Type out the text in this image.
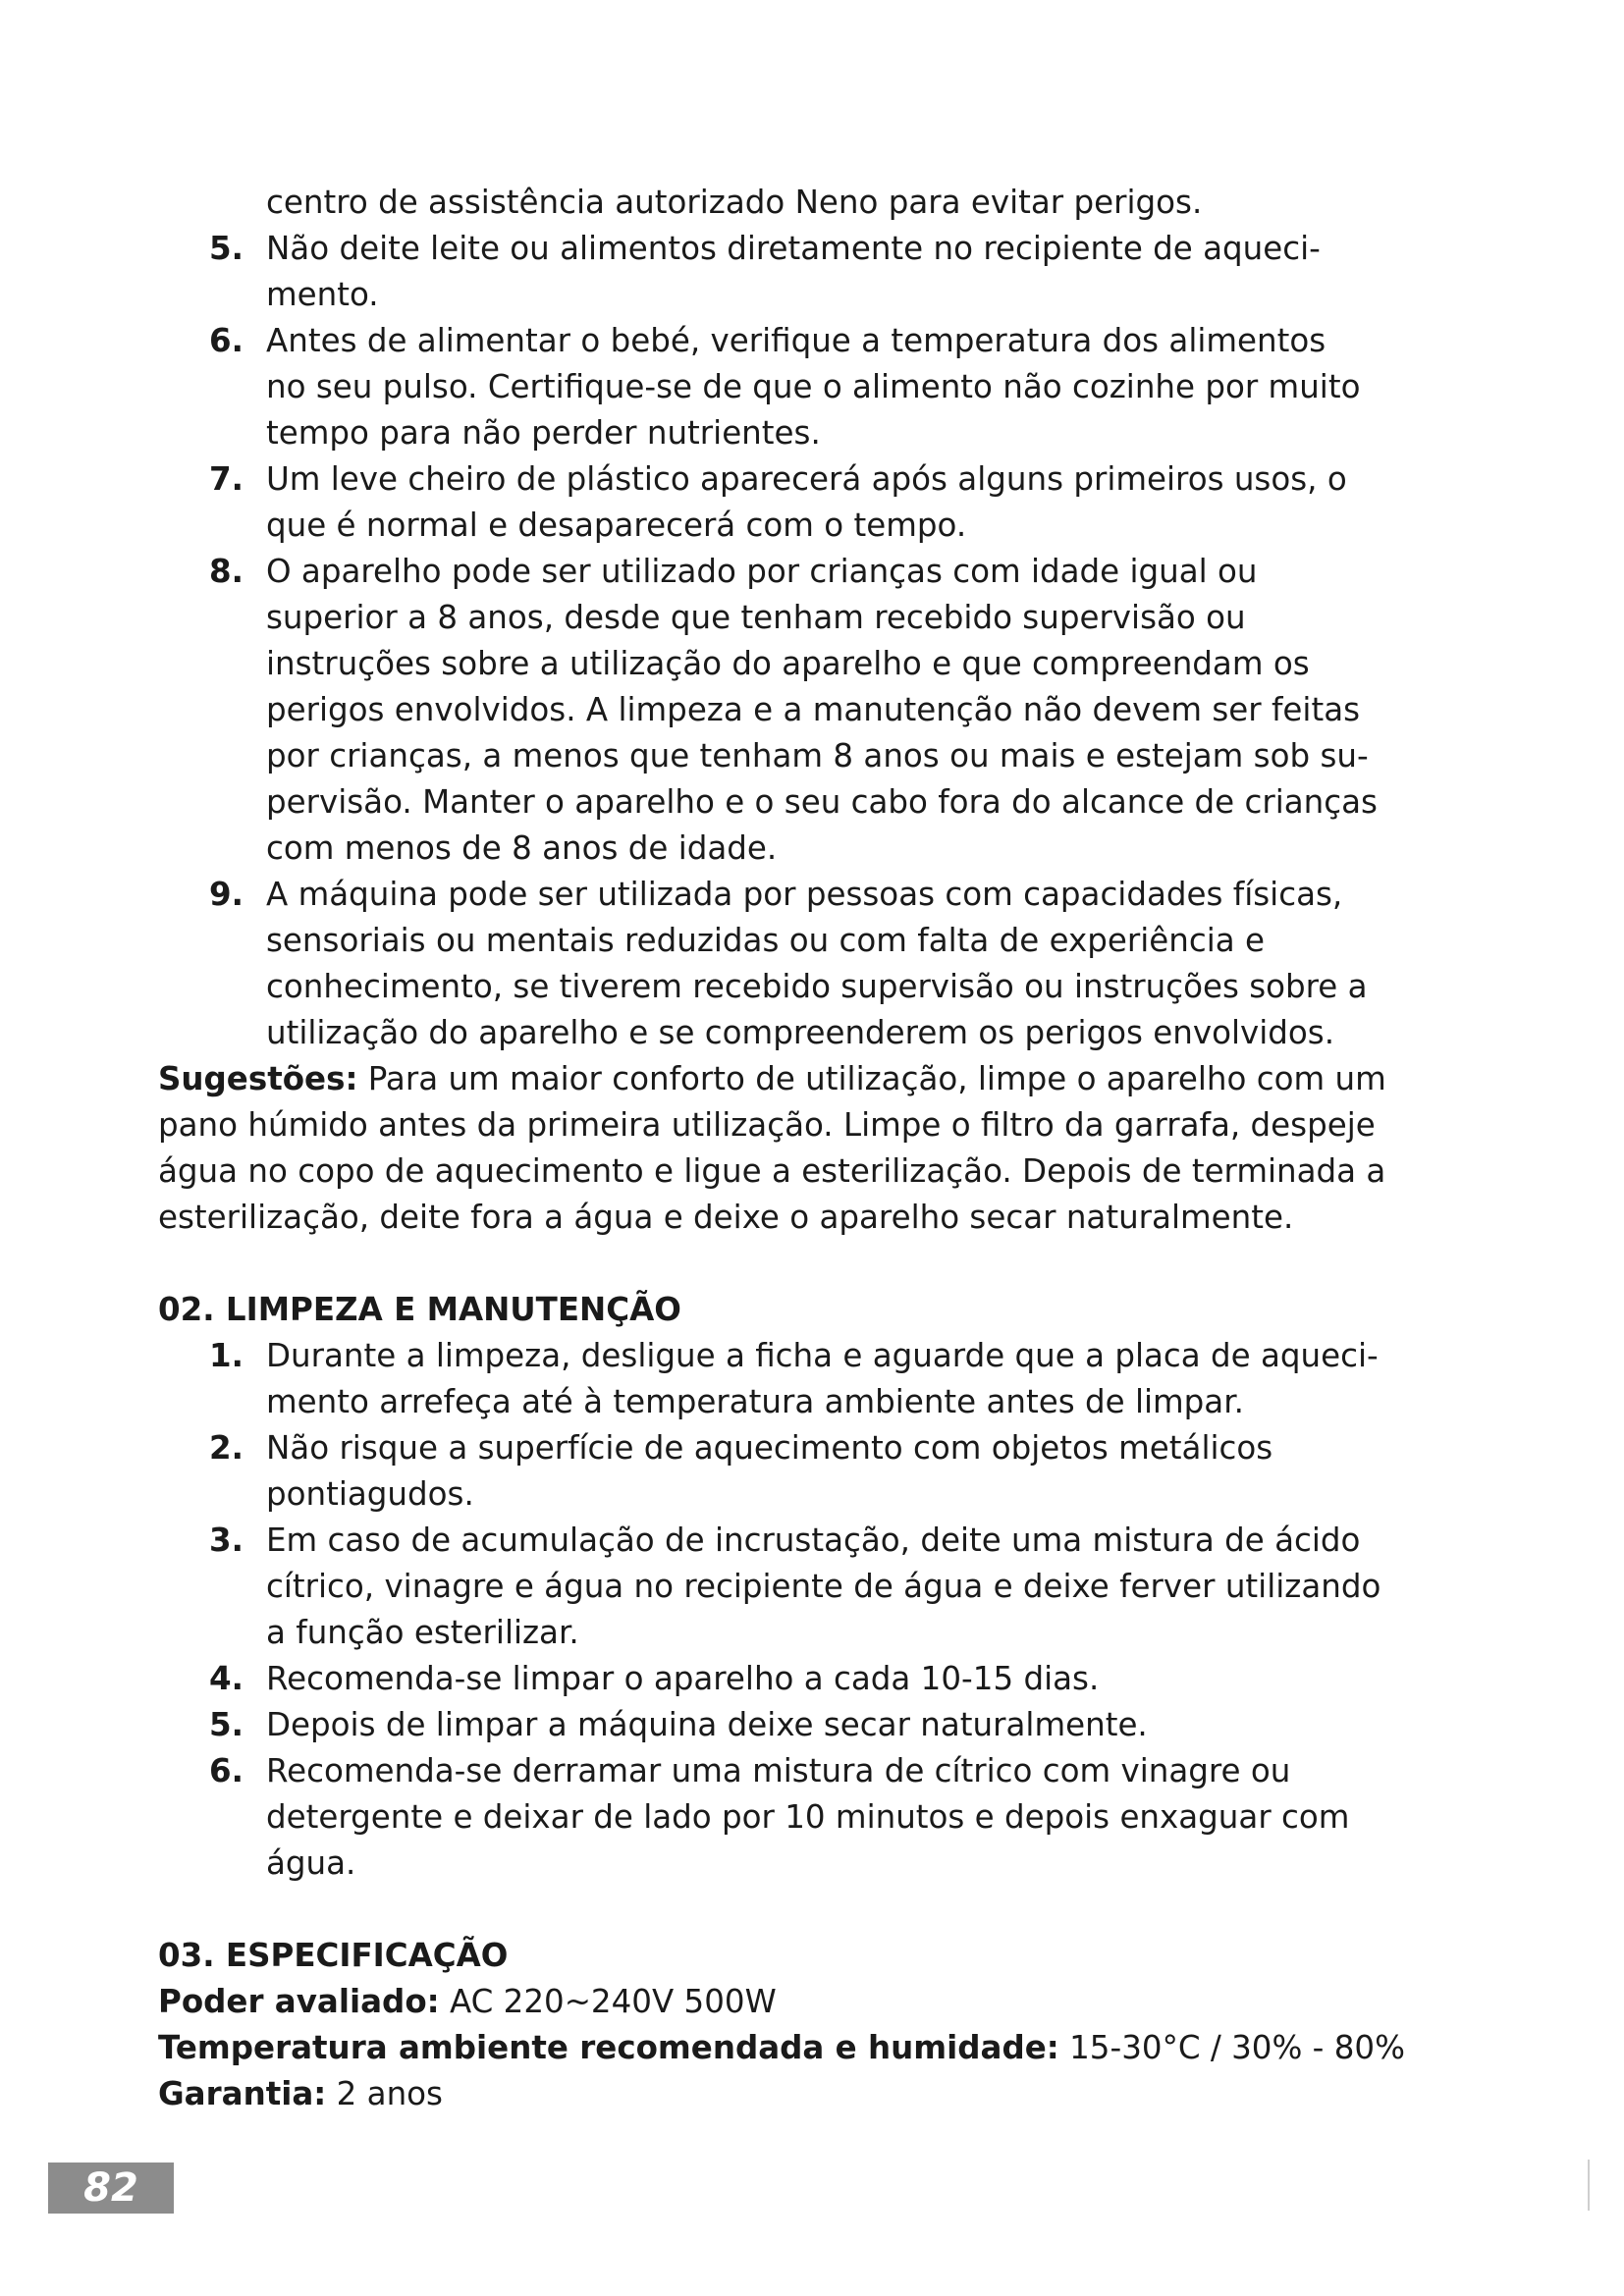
centro de assistência autorizado Neno para evitar perigos.

5. Não deite leite ou alimentos diretamente no recipiente de aqueci-

mento.

6. Antes de alimentar o bebé, verifique a temperatura dos alimentos

no seu pulso. Certifique-se de que o alimento não cozinhe por muito

tempo para não perder nutrientes.

7. Um leve cheiro de plástico aparecerá após alguns primeiros usos, o

que é normal e desaparecerá com o tempo.

8. O aparelho pode ser utilizado por crianças com idade igual ou

superior a 8 anos, desde que tenham recebido supervisão ou

instruções sobre a utilização do aparelho e que compreendam os

perigos envolvidos. A limpeza e a manutenção não devem ser feitas

por crianças, a menos que tenham 8 anos ou mais e estejam sob su-

pervisão. Manter o aparelho e o seu cabo fora do alcance de crianças

com menos de 8 anos de idade.

9. A máquina pode ser utilizada por pessoas com capacidades físicas,

sensoriais ou mentais reduzidas ou com falta de experiência e

conhecimento, se tiverem recebido supervisão ou instruções sobre a

utilização do aparelho e se compreenderem os perigos envolvidos.

Sugestões: Para um maior conforto de utilização, limpe o aparelho com um

pano húmido antes da primeira utilização. Limpe o filtro da garrafa, despeje

água no copo de aquecimento e ligue a esterilização. Depois de terminada a

esterilização, deite fora a água e deixe o aparelho secar naturalmente.

02. LIMPEZA E MANUTENÇÃO

1. Durante a limpeza, desligue a ficha e aguarde que a placa de aqueci-

mento arrefeça até à temperatura ambiente antes de limpar.

2. Não risque a superfície de aquecimento com objetos metálicos

pontiagudos.

3. Em caso de acumulação de incrustação, deite uma mistura de ácido

cítrico, vinagre e água no recipiente de água e deixe ferver utilizando

a função esterilizar.

4. Recomenda-se limpar o aparelho a cada 10-15 dias.

5. Depois de limpar a máquina deixe secar naturalmente.

6. Recomenda-se derramar uma mistura de cítrico com vinagre ou

detergente e deixar de lado por 10 minutos e depois enxaguar com

água.

03. ESPECIFICAÇÃO

Poder avaliado: AC 220~240V 500W

Temperatura ambiente recomendada e humidade: 15-30°C / 30% - 80%

Garantia: 2 anos

82
